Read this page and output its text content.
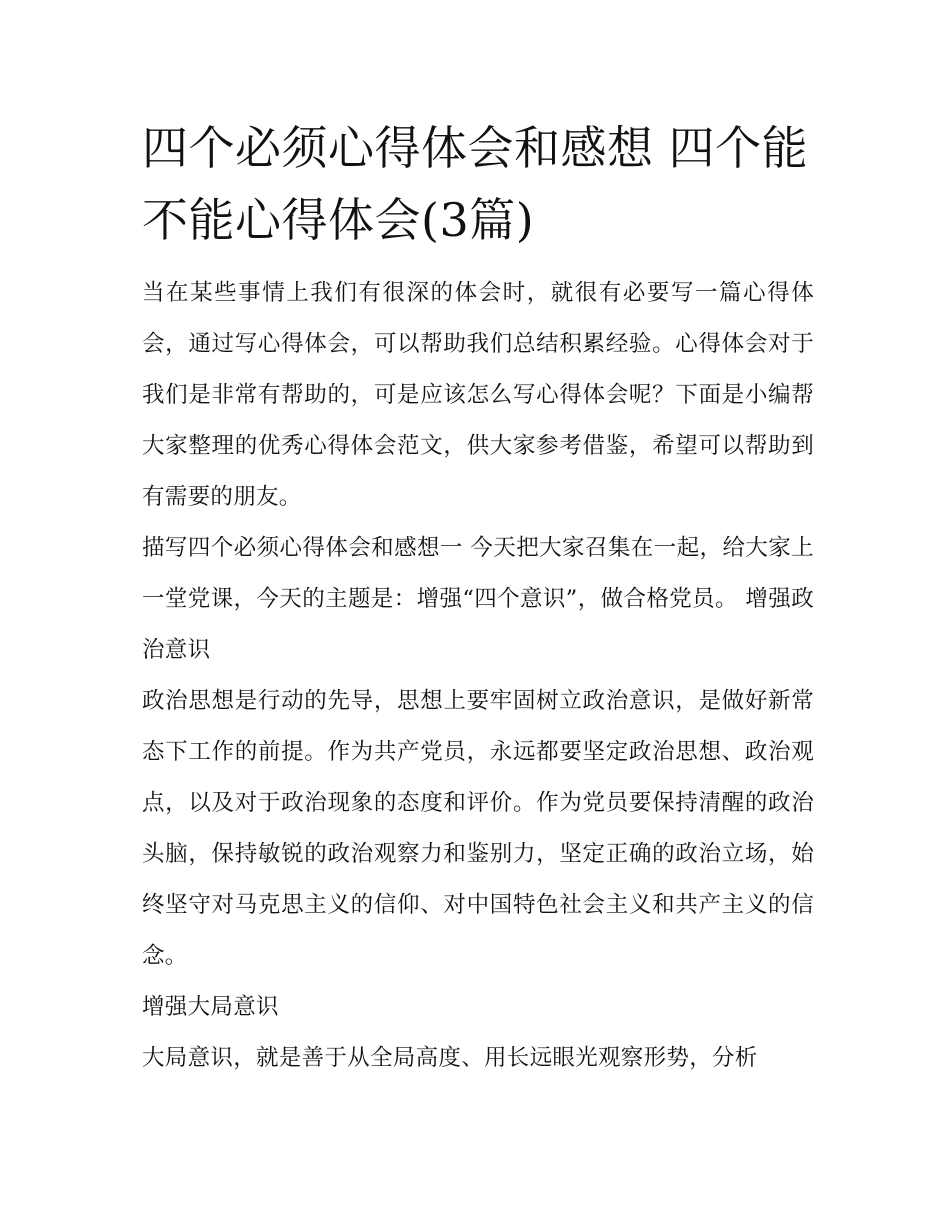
四个必须心得体会和感想 四个能不能心得体会(3篇)

当在某些事情上我们有很深的体会时，就很有必要写一篇心得体会，通过写心得体会，可以帮助我们总结积累经验。心得体会对于我们是非常有帮助的，可是应该怎么写心得体会呢？下面是小编帮大家整理的优秀心得体会范文，供大家参考借鉴，希望可以帮助到有需要的朋友。

描写四个必须心得体会和感想一 今天把大家召集在一起，给大家上一堂党课，今天的主题是：增强“四个意识”，做合格党员。 增强政治意识

政治思想是行动的先导，思想上要牢固树立政治意识，是做好新常态下工作的前提。作为共产党员，永远都要坚定政治思想、政治观点，以及对于政治现象的态度和评价。作为党员要保持清醒的政治头脑，保持敏锐的政治观察力和鉴别力，坚定正确的政治立场，始终坚守对马克思主义的信仰、对中国特色社会主义和共产主义的信念。

增强大局意识

大局意识，就是善于从全局高度、用长远眼光观察形势，分析
